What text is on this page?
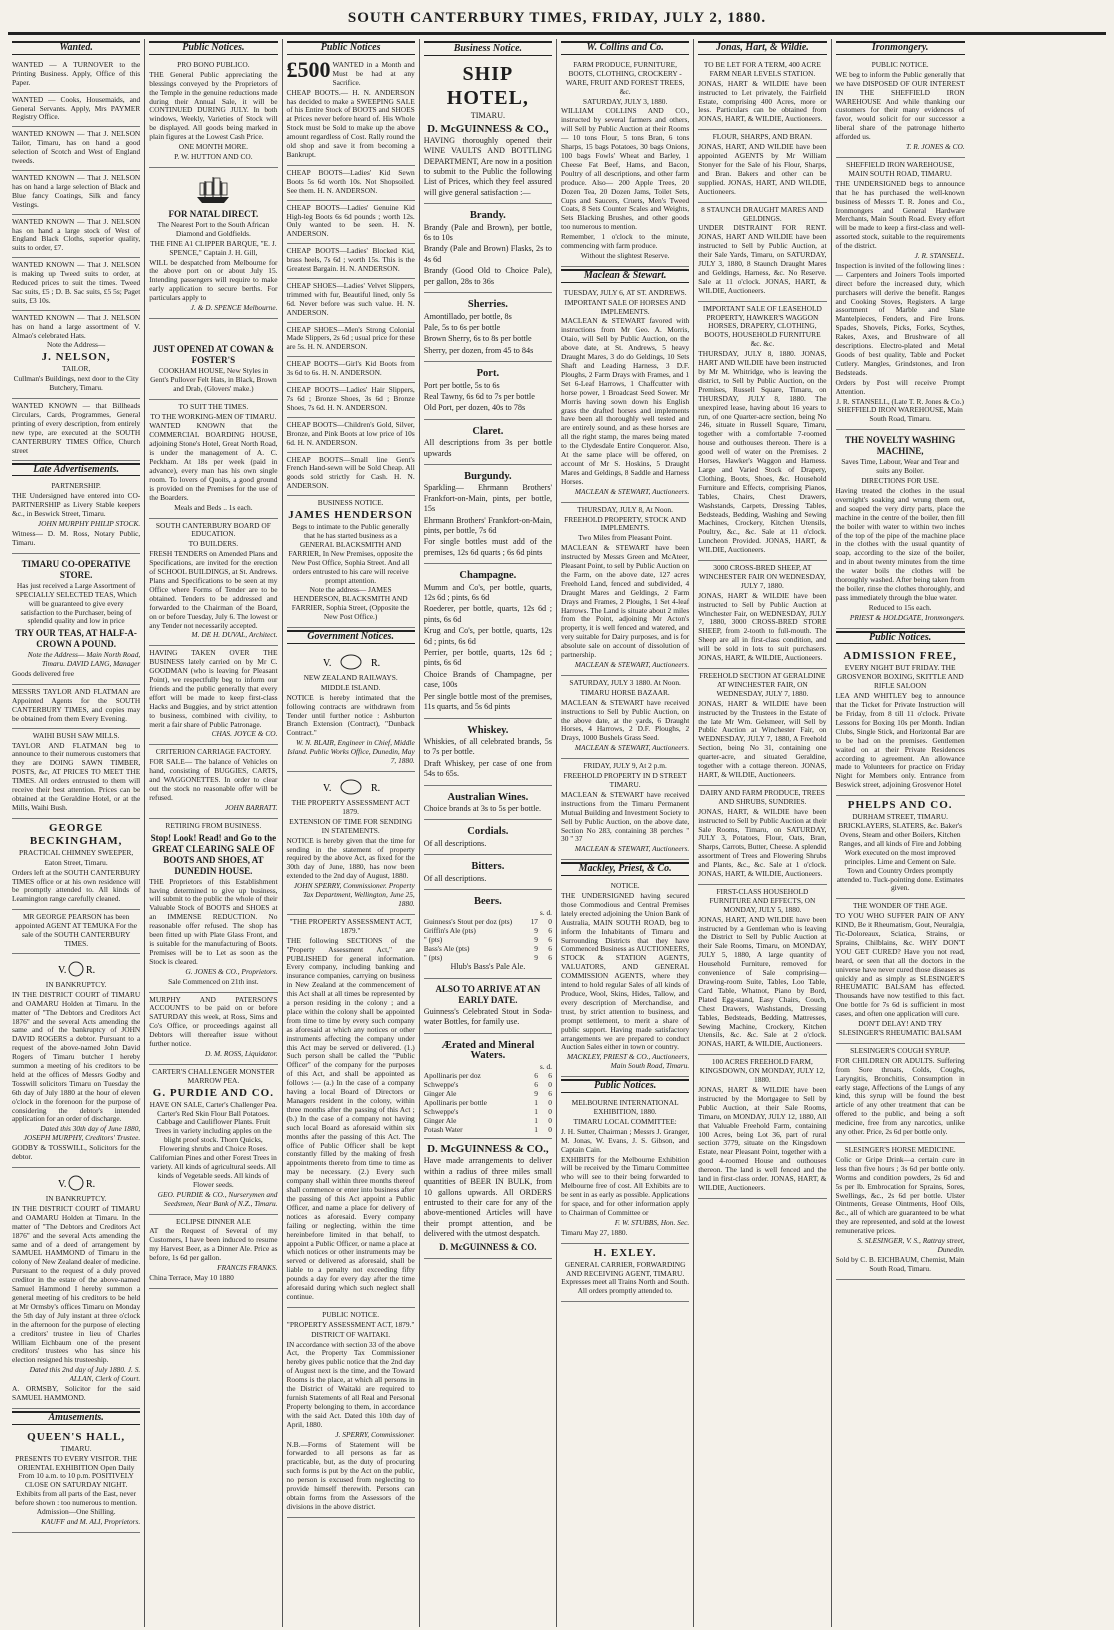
SOUTH CANTERBURY TIMES, FRIDAY, JULY 2, 1880.
Wanted.
WANTED — A TURNOVER to the Printing Business. Apply, Office of this Paper.
WANTED — Cooks, Housemaids, and General Servants. Apply, Mrs PAYMER Registry Office.
WANTED KNOWN — That J. NELSON Tailor, Timaru, has on hand a good selection of Scotch and West of England tweeds.
WANTED KNOWN — That J. NELSON has on hand a large selection of Black and Blue fancy Coatings, Silk and fancy Vestings.
WANTED KNOWN — That J. NELSON has on hand a large stock of West of England Black Cloths, superior quality, suits to order, £7.
WANTED KNOWN — That J. NELSON is making up Tweed suits to order, at Reduced prices to suit the times. Tweed Sac suits, £5 ; D. B. Sac suits, £5 5s; Paget suits, £3 10s.

WANTED KNOWN — That J. NELSON has on hand a large assortment of V. Almao's celebrated Hats.

Note the Address—

J. NELSON,

TAILOR,

Cullman's Buildings, next door to the City Butchery, Timaru.

WANTED KNOWN — that Billheads Circulars, Cards, Programmes, General printing of every description, from entirely new type, are executed at the SOUTH CANTERBURY TIMES Office, Church street
Late Advertisements.

PARTNERSHIP.

THE Undersigned have entered into CO-PARTNERSHIP as Livery Stable keepers &c., in Beswick Street, Timaru.

JOHN MURPHY PHILIP STOCK.

Witness— D. M. Ross, Notary Public, Timaru.

TIMARU CO-OPERATIVE STORE.

Has just received a Large Assortment of SPECIALLY SELECTED TEAS, Which will be guaranteed to give every satisfaction to the Purchaser, being of splendid quality and low in price

TRY OUR TEAS, AT HALF-A-CROWN A POUND.

Note the Address— Main North Road, Timaru. DAVID LANG, Manager

Goods delivered free

MESSRS TAYLOR AND FLATMAN are Appointed Agents for the SOUTH CANTERBURY TIMES, and copies may be obtained from them Every Evening.

WAIHI BUSH SAW MILLS.

TAYLOR AND FLATMAN beg to announce to their numerous customers that they are DOING SAWN TIMBER, POSTS, &c, AT PRICES TO MEET THE TIMES. All orders entrusted to them will receive their best attention. Prices can be obtained at the Geraldine Hotel, or at the Mills, Waihi Bush.

GEORGE BECKINGHAM,

PRACTICAL CHIMNEY SWEEPER,

Eaton Street, Timaru.

Orders left at the SOUTH CANTERBURY TIMES office or at his own residence will be promptly attended to. All kinds of Leamington range carefully cleaned.

MR GEORGE PEARSON has been appointed AGENT AT TEMUKA For the sale of the SOUTH CANTERBURY TIMES.
V. R.

IN BANKRUPTCY.

IN THE DISTRICT COURT of TIMARU and OAMARU Holden at Timaru. In the matter of "The Debtors and Creditors Act 1876" and the several Acts amending the same and of the bankruptcy of JOHN DAVID ROGERS a debtor. Pursuant to a request of the above-named John David Rogers of Timaru butcher I hereby summon a meeting of his creditors to be held at the offices of Messrs Godby and Tosswill solicitors Timaru on Tuesday the 6th day of July 1880 at the hour of eleven o'clock in the forenoon for the purpose of considering the debtor's intended application for an order of discharge.

Dated this 30th day of June 1880, JOSEPH MURPHY, Creditors' Trustee.

GODBY & TOSSWILL, Solicitors for the debtor.

V. R.

IN BANKRUPTCY.

IN THE DISTRICT COURT of TIMARU and OAMARU Holden at Timaru. In the matter of "The Debtors and Creditors Act 1876" and the several Acts amending the same and of a deed of arrangement by SAMUEL HAMMOND of Timaru in the colony of New Zealand dealer of medicine. Pursuant to the request of a duly proved creditor in the estate of the above-named Samuel Hammond I hereby summon a general meeting of his creditors to be held at Mr Ormsby's offices Timaru on Monday the 5th day of July instant at three o'clock in the afternoon for the purpose of electing a creditors' trustee in lieu of Charles William Eichbaum one of the present creditors' trustees who has since his election resigned his trusteeship.

Dated this 2nd day of July 1880. J. S. ALLAN, Clerk of Court.

A. ORMSBY, Solicitor for the said SAMUEL HAMMOND.

Amusements.

QUEEN'S HALL,

TIMARU.

PRESENTS TO EVERY VISITOR. THE ORIENTAL EXHIBITION Open Daily From 10 a.m. to 10 p.m. POSITIVELY CLOSE ON SATURDAY NIGHT. Exhibits from all parts of the East, never before shown : too numerous to mention. Admission—One Shilling.

KAUFF and M. ALI, Proprietors.

Public Notices.

PRO BONO PUBLICO.

THE General Public appreciating the blessings conveyed by the Proprietors of the Temple in the genuine reductions made during their Annual Sale, it will be CONTINUED DURING JULY. In both windows, Weekly, Varieties of Stock will be displayed. All goods being marked in plain figures at the Lowest Cash Price.

ONE MONTH MORE.

P. W. HUTTON AND CO.

FOR NATAL DIRECT.

The Nearest Port to the South African Diamond and Goldfields.

THE FINE A1 CLIPPER BARQUE, "E. J. SPENCE," Captain J. H. Gill,

WILL be despatched from Melbourne for the above port on or about July 15. Intending passengers will require to make early application to secure berths. For particulars apply to

J. & D. SPENCE Melbourne.

JUST OPENED AT COWAN & FOSTER'S

COOKHAM HOUSE, New Styles in Gent's Pullover Felt Hats, in Black, Brown and Drab, (Glovers' make.)

TO SUIT THE TIMES.

TO THE WORKING-MEN OF TIMARU.

WANTED KNOWN that the COMMERCIAL BOARDING HOUSE, adjoining Stone's Hotel, Great North Road, is under the management of A. C. Peckham. At 18s per week (paid in advance), every man has his own single room. To lovers of Quoits, a good ground is provided on the Premises for the use of the Boarders.

Meals and Beds .. 1s each.

SOUTH CANTERBURY BOARD OF EDUCATION.

TO BUILDERS.

FRESH TENDERS on Amended Plans and Specifications, are invited for the erection of SCHOOL BUILDINGS, at St. Andrews. Plans and Specifications to be seen at my Office where Forms of Tender are to be obtained. Tenders to be addressed and forwarded to the Chairman of the Board, on or before Tuesday, July 6. The lowest or any Tender not necessarily accepted.

M. DE H. DUVAL, Architect.

HAVING TAKEN OVER THE BUSINESS lately carried on by Mr C. GOODMAN (who is leaving for Pleasant Point), we respectfully beg to inform our friends and the public generally that every effort will be made to keep first-class Hacks and Buggies, and by strict attention to business, combined with civility, to merit a fair share of Public Patronage.

CHAS. JOYCE & CO.

CRITERION CARRIAGE FACTORY.

FOR SALE— The balance of Vehicles on hand, consisting of BUGGIES, CARTS, and WAGGONETTES. In order to clear out the stock no reasonable offer will be refused.

JOHN BARRATT.

RETIRING FROM BUSINESS.

Stop! Look! Read! and Go to the GREAT CLEARING SALE OF BOOTS AND SHOES, AT DUNEDIN HOUSE.

THE Proprietors of this Establishment having determined to give up business, will submit to the public the whole of their Valuable Stock of BOOTS and SHOES at an IMMENSE REDUCTION. No reasonable offer refused. The shop has been fitted up with Plate Glass Front, and is suitable for the manufacturing of Boots. Premises will be to Let as soon as the Stock is cleared.

G. JONES & CO., Proprietors.

Sale Commenced on 21th inst.

MURPHY AND PATERSON'S ACCOUNTS to be paid on or before SATURDAY this week, at Ross, Sims and Co's Office, or proceedings against all Debtors will thereafter issue without further notice.

D. M. ROSS, Liquidator.

CARTER'S CHALLENGER MONSTER MARROW PEA.

G. PURDIE AND CO.

HAVE ON SALE, Carter's Challenger Pea. Carter's Red Skin Flour Ball Potatoes. Cabbage and Cauliflower Plants. Fruit Trees in variety including apples on the blight proof stock. Thorn Quicks, Flowering shrubs and Choice Roses. Californian Pines and other Forest Trees in variety. All kinds of agricultural seeds. All kinds of Vegetable seeds. All kinds of Flower seeds.

GEO. PURDIE & CO., Nurserymen and Seedsmen, Near Bank of N.Z., Timaru.

ECLIPSE DINNER ALE

AT the Request of Several of my Customers, I have been induced to resume my Harvest Beer, as a Dinner Ale. Price as before, 1s 6d per gallon.

FRANCIS FRANKS.

China Terrace, May 10 1880

Public Notices

£500 WANTED in a Month and Must be had at any Sacrifice.

CHEAP BOOTS.— H. N. ANDERSON has decided to make a SWEEPING SALE of his Entire Stock of BOOTS and SHOES at Prices never before heard of. His Whole Stock must be Sold to make up the above amount regardless of Cost. Rally round the old shop and save it from becoming a Bankrupt.

CHEAP BOOTS—Ladies' Kid Sewn Boots 5s 6d worth 10s. Not Shopsoiled. See them. H. N. ANDERSON.
CHEAP BOOTS—Ladies' Genuine Kid High-leg Boots 6s 6d pounds ; worth 12s. Only wanted to be seen. H. N. ANDERSON.
CHEAP BOOTS—Ladies' Blocked Kid, brass heels, 7s 6d ; worth 15s. This is the Greatest Bargain. H. N. ANDERSON.
CHEAP SHOES—Ladies' Velvet Slippers, trimmed with fur, Beautiful lined, only 5s 6d. Never before was such value. H. N. ANDERSON.
CHEAP SHOES—Men's Strong Colonial Made Slippers, 2s 6d ; usual price for these are 5s. H. N. ANDERSON.
CHEAP BOOTS—Girl's Kid Boots from 3s 6d to 6s. H. N. ANDERSON.
CHEAP BOOTS—Ladies' Hair Slippers, 7s 6d ; Bronze Shoes, 3s 6d ; Bronze Shoes, 7s 6d. H. N. ANDERSON.
CHEAP BOOTS—Children's Gold, Silver, Bronze, and Pink Boots at low price of 10s 6d. H. N. ANDERSON.
CHEAP BOOTS—Small line Gent's French Hand-sewn will be Sold Cheap. All goods sold strictly for Cash. H. N. ANDERSON.

BUSINESS NOTICE.

JAMES HENDERSON

Begs to intimate to the Public generally that he has started business as a GENERAL BLACKSMITH AND FARRIER, In New Premises, opposite the New Post Office, Sophia Street. And all orders entrusted to his care will receive prompt attention.

Note the address— JAMES HENDERSON, BLACKSMITH AND FARRIER, Sophia Street, (Opposite the New Post Office.)

Government Notices.
V.	R.

NEW ZEALAND RAILWAYS.

MIDDLE ISLAND.

NOTICE is hereby intimated that the following contracts are withdrawn from Tender until further notice : Ashburton Branch Extension (Contract), "Dunback Contract."

W. N. BLAIR, Engineer in Chief, Middle Island. Public Works Office, Dunedin, May 7, 1880.

V.	R.

THE PROPERTY ASSESSMENT ACT 1879.

EXTENSION OF TIME FOR SENDING IN STATEMENTS.

NOTICE is hereby given that the time for sending in the statement of property required by the above Act, as fixed for the 30th day of June, 1880, has now been extended to the 2nd day of August, 1880.

JOHN SPERRY, Commissioner. Property Tax Department, Wellington, June 25, 1880.

"THE PROPERTY ASSESSMENT ACT, 1879."

THE following SECTIONS of the "Property Assessment Act," are PUBLISHED for general information. Every company, including banking and insurance companies, carrying on business in New Zealand at the commencement of this Act shall at all times be represented by a person residing in the colony ; and a place within the colony shall be appointed from time to time by every such company as aforesaid at which any notices or other instruments affecting the company under this Act may be served or delivered. (1.) Such person shall be called the "Public Officer" of the company for the purposes of this Act, and shall be appointed as follows :— (a.) In the case of a company having a local Board of Directors or Managers resident in the colony, within three months after the passing of this Act ; (b.) In the case of a company not having such local Board as aforesaid within six months after the passing of this Act. The office of Public Officer shall be kept constantly filled by the making of fresh appointments thereto from time to time as may be necessary. (2.) Every such company shall within three months thereof shall commence or enter into business after the passing of this Act appoint a Public Officer, and name a place for delivery of notices as aforesaid. Every company failing or neglecting, within the time hereinbefore limited in that behalf, to appoint a Public Officer, or name a place at which notices or other instruments may be served or delivered as aforesaid, shall be liable to a penalty not exceeding fifty pounds a day for every day after the time aforesaid during which such neglect shall continue.

PUBLIC NOTICE.

"PROPERTY ASSESSMENT ACT, 1879."

DISTRICT OF WAITAKI.

IN accordance with section 33 of the above Act, the Property Tax Commissioner hereby gives public notice that the 2nd day of August next is the time, and the Toward Rooms is the place, at which all persons in the District of Waitaki are required to furnish Statements of all Real and Personal Property belonging to them, in accordance with the said Act. Dated this 10th day of April, 1880.

J. SPERRY, Commissioner.

N.B.—Forms of Statement will be forwarded to all persons as far as practicable, but, as the duty of procuring such forms is put by the Act on the public, no person is excused from neglecting to provide himself therewith. Persons can obtain forms from the Assessors of the divisions in the above district.

Business Notice.

SHIP HOTEL,

TIMARU.

D. McGUINNESS & CO.,

HAVING thoroughly opened their WINE VAULTS AND BOTTLING DEPARTMENT, Are now in a position to submit to the Public the following List of Prices, which they feel assured will give general satisfaction :—

Brandy.

Brandy (Pale and Brown), per bottle, 6s to 10s

Brandy (Pale and Brown) Flasks, 2s to 4s 6d

Brandy (Good Old to Choice Pale), per gallon, 28s to 36s

Sherries.

Amontillado, per bottle, 8s

Pale, 5s to 6s per bottle

Brown Sherry, 6s to 8s per bottle

Sherry, per dozen, from 45 to 84s

Port.

Port per bottle, 5s to 6s

Real Tawny, 6s 6d to 7s per bottle

Old Port, per dozen, 40s to 78s

Claret.

All descriptions from 3s per bottle upwards

Burgundy.

Sparkling— Ehrmann Brothers' Frankfort-on-Main, pints, per bottle, 15s

Ehrmann Brothers' Frankfort-on-Main, pints, per bottle, 7s 6d

For single bottles must add of the premises, 12s 6d quarts ; 6s 6d pints

Champagne.

Mumm and Co's, per bottle, quarts, 12s 6d ; pints, 6s 6d

Roederer, per bottle, quarts, 12s 6d ; pints, 6s 6d

Krug and Co's, per bottle, quarts, 12s 6d ; pints, 6s 6d

Perrier, per bottle, quarts, 12s 6d ; pints, 6s 6d

Choice Brands of Champagne, per case, 100s

Per single bottle most of the premises, 11s quarts, and 5s 6d pints

Whiskey.

Whiskies, of all celebrated brands, 5s to 7s per bottle.

Draft Whiskey, per case of one from 54s to 65s.

Australian Wines.

Choice brands at 3s to 5s per bottle.

Cordials.

Of all descriptions.

Bitters.

Of all descriptions.

Beers.

	s. d.	
Guinness's Stout per doz (pts)	17	0
Griffin's Ale (pts)	9	6
" (pts)	9	6
Bass's Ale (pts)	9	6
" (pts)	9	6

Hlub's Bass's Pale Ale.

ALSO TO ARRIVE AT AN EARLY DATE.

Guinness's Celebrated Stout in Soda-water Bottles, for family use.

Ærated and Mineral Waters.

	s. d.	
Apollinaris per doz	6	6
Schweppe's	6	0
Ginger Ale	9	6
Apollinaris per bottle	1	0
Schweppe's	1	0
Ginger Ale	1	0
Potash Water	1	0

D. McGUINNESS & CO.,

Have made arrangements to deliver within a radius of three miles small quantities of BEER IN BULK, from 10 gallons upwards. All ORDERS entrusted to their care for any of the above-mentioned Articles will have their prompt attention, and be delivered with the utmost despatch.

D. McGUINNESS & CO.

W. Collins and Co.

FARM PRODUCE, FURNITURE, BOOTS, CLOTHING, CROCKERY - WARE, FRUIT AND FOREST TREES, &c.

SATURDAY, JULY 3, 1880.

WILLIAM COLLINS AND CO., instructed by several farmers and others, will Sell by Public Auction at their Rooms— 10 tons Flour, 5 tons Bran, 6 tons Sharps, 15 bags Potatoes, 30 bags Onions, 100 bags Fowls' Wheat and Barley, 1 Cheese Fat Beef, Hams, and Bacon, Poultry of all descriptions, and other farm produce. Also— 200 Apple Trees, 20 Dozen Tea, 20 Dozen Jams, Toilet Sets, Cups and Saucers, Cruets, Men's Tweed Coats, 8 Sets Counter Scales and Weights, Sets Blacking Brushes, and other goods too numerous to mention.

Remember, 1 o'clock to the minute, commencing with farm produce.

Without the slightest Reserve.

Maclean & Stewart.

TUESDAY, JULY 6, AT ST. ANDREWS.

IMPORTANT SALE OF HORSES AND IMPLEMENTS.

MACLEAN & STEWART favored with instructions from Mr Geo. A. Morris, Otaio, will Sell by Public Auction, on the above date, at St. Andrews, 5 heavy Draught Mares, 3 do do Geldings, 10 Sets Shaft and Leading Harness, 3 D.F. Ploughs, 2 Farm Drays with Frames, and 1 Set 6-Leaf Harrows, 1 Chaffcutter with horse power, 1 Broadcast Seed Sower. Mr Morris having sown down his English grass the drafted horses and implements have been all thoroughly well tested and are entirely sound, and as these horses are all the right stamp, the mares being mated to the Clydesdale Entire Conqueror. Also, At the same place will be offered, on account of Mr S. Hoskins, 5 Draught Mares and Geldings, 8 Saddle and Harness Horses.

MACLEAN & STEWART, Auctioneers.

THURSDAY, JULY 8, At Noon.

FREEHOLD PROPERTY, STOCK AND IMPLEMENTS.

Two Miles from Pleasant Point.

MACLEAN & STEWART have been instructed by Messrs Green and McAteer, Pleasant Point, to sell by Public Auction on the Farm, on the above date, 127 acres Freehold Land, fenced and subdivided, 4 Draught Mares and Geldings, 2 Farm Drays and Frames, 2 Ploughs, 1 Set 4-leaf Harrows. The Land is situate about 2 miles from the Point, adjoining Mr Acton's property, it is well fenced and watered, and very suitable for Dairy purposes, and is for absolute sale on account of dissolution of partnership.

MACLEAN & STEWART, Auctioneers.

SATURDAY, JULY 3 1880. At Noon.

TIMARU HORSE BAZAAR.

MACLEAN & STEWART have received instructions to Sell by Public Auction, on the above date, at the yards, 6 Draught Horses, 4 Harrows, 2 D.F. Ploughs, 2 Drays, 1000 Bushels Grass Seed.

MACLEAN & STEWART, Auctioneers.

FRIDAY, JULY 9, At 2 p.m.

FREEHOLD PROPERTY IN D STREET TIMARU.

MACLEAN & STEWART have received instructions from the Timaru Permanent Mutual Building and Investment Society to Sell by Public Auction, on the above date, Section No 283, containing 38 perches " 30 " 37

MACLEAN & STEWART, Auctioneers.

Mackley, Priest, & Co.

NOTICE.

THE UNDERSIGNED having secured those Commodious and Central Premises lately erected adjoining the Union Bank of Australia, MAIN SOUTH ROAD, beg to inform the Inhabitants of Timaru and Surrounding Districts that they have Commenced Business as AUCTIONEERS, STOCK & STATION AGENTS, VALUATORS, AND GENERAL COMMISSION AGENTS, where they intend to hold regular Sales of all kinds of Produce, Wool, Skins, Hides, Tallow, and every description of Merchandise, and trust, by strict attention to business, and prompt settlement, to merit a share of public support. Having made satisfactory arrangements we are prepared to conduct Auction Sales either in town or country.

MACKLEY, PRIEST & CO., Auctioneers, Main South Road, Timaru.

Public Notices.

MELBOURNE INTERNATIONAL EXHIBITION, 1880.

TIMARU LOCAL COMMITTEE:

J. H. Sutter, Chairman ; Messrs J. Granger, M. Jonas, W. Evans, J. S. Gibson, and Captain Cain.

EXHIBITS for the Melbourne Exhibition will be received by the Timaru Committee who will see to their being forwarded to Melbourne free of cost. All Exhibits are to be sent in as early as possible. Applications for space, and for other information apply to Chairman of Committee or

F. W. STUBBS, Hon. Sec.

Timaru May 27, 1880.

H. EXLEY.

GENERAL CARRIER, FORWARDING AND RECEIVING AGENT, TIMARU. Expresses meet all Trains North and South. All orders promptly attended to.

Jonas, Hart, & Wildie.

TO BE LET FOR A TERM, 400 ACRE FARM NEAR LEVELS STATION.

JONAS, HART & WILDIE have been instructed to Let privately, the Fairfield Estate, comprising 400 Acres, more or less. Particulars can be obtained from JONAS, HART, & WILDIE, Auctioneers.

FLOUR, SHARPS, AND BRAN.

JONAS, HART, AND WILDIE have been appointed AGENTS by Mr William Stonyer for the Sale of his Flour, Sharps, and Bran. Bakers and other can be supplied. JONAS, HART, AND WILDIE, Auctioneers.

8 STAUNCH DRAUGHT MARES AND GELDINGS.

UNDER DISTRAINT FOR RENT. JONAS, HART AND WILDIE have been instructed to Sell by Public Auction, at their Sale Yards, Timaru, on SATURDAY, JULY 3, 1880, 8 Staunch Draught Mares and Geldings, Harness, &c. No Reserve. Sale at 11 o'clock. JONAS, HART, & WILDIE, Auctioneers.

IMPORTANT SALE OF LEASEHOLD PROPERTY, HAWKER'S WAGGON HORSES, DRAPERY, CLOTHING, BOOTS, HOUSEHOLD FURNITURE &c. &c.

THURSDAY, JULY 8, 1880. JONAS, HART AND WILDIE have been instructed by Mr M. Whitridge, who is leaving the district, to Sell by Public Auction, on the Premises, Russell Square, Timaru, on THURSDAY, JULY 8, 1880. The unexpired lease, having about 16 years to run, of one Quarter-acre section, being No 246, situate in Russell Square, Timaru, together with a comfortable 7-roomed house and outhouses thereon. There is a good well of water on the Premises. 2 Horses, Hawker's Waggon and Harness. Large and Varied Stock of Drapery, Clothing, Boots, Shoes, &c. Household Furniture and Effects, comprising Pianos, Tables, Chairs, Chest Drawers, Washstands, Carpets, Dressing Tables, Bedsteads, Bedding, Washing and Sewing Machines, Crockery, Kitchen Utensils, Poultry, &c., &c. Sale at 11 o'clock. Luncheon Provided. JONAS, HART, & WILDIE, Auctioneers.

3000 CROSS-BRED SHEEP, AT WINCHESTER FAIR ON WEDNESDAY, JULY 7, 1880.

JONAS, HART & WILDIE have been instructed to Sell by Public Auction at Winchester Fair, on WEDNESDAY, JULY 7, 1880, 3000 CROSS-BRED STORE SHEEP, from 2-tooth to full-mouth. The Sheep are all in first-class condition, and will be sold in lots to suit purchasers. JONAS, HART, & WILDIE, Auctioneers.

FREEHOLD SECTION AT GERALDINE AT WINCHESTER FAIR, ON WEDNESDAY, JULY 7, 1880.

JONAS, HART & WILDIE have been instructed by the Trustees in the Estate of the late Mr Wm. Gelsmeer, will Sell by Public Auction at Winchester Fair, on WEDNESDAY, JULY 7, 1880, A Freehold Section, being No 31, containing one quarter-acre, and situated Geraldine, together with a cottage thereon. JONAS, HART, & WILDIE, Auctioneers.

DAIRY AND FARM PRODUCE, TREES AND SHRUBS, SUNDRIES.

JONAS, HART, & WILDIE have been instructed to Sell by Public Auction at their Sale Rooms, Timaru, on SATURDAY, JULY 3, Potatoes, Flour, Oats, Bran, Sharps, Carrots, Butter, Cheese. A splendid assortment of Trees and Flowering Shrubs and Plants, &c., &c. Sale at 1 o'clock. JONAS, HART, & WILDIE, Auctioneers.

FIRST-CLASS HOUSEHOLD FURNITURE AND EFFECTS, ON MONDAY, JULY 5, 1880.

JONAS, HART, AND WILDIE have been instructed by a Gentleman who is leaving the District to Sell by Public Auction at their Sale Rooms, Timaru, on MONDAY, JULY 5, 1880, A large quantity of Household Furniture, removed for convenience of Sale comprising—Drawing-room Suite, Tables, Loo Table, Card Table, Whatnot, Piano by Bord, Plated Egg-stand, Easy Chairs, Couch, Chest Drawers, Washstands, Dressing Tables, Bedsteads, Bedding, Mattresses, Sewing Machine, Crockery, Kitchen Utensils, &c. &c. Sale at 2 o'clock. JONAS, HART, & WILDIE, Auctioneers.

100 ACRES FREEHOLD FARM, KINGSDOWN, ON MONDAY, JULY 12, 1880.

JONAS, HART & WILDIE have been instructed by the Mortgagee to Sell by Public Auction, at their Sale Rooms, Timaru, on MONDAY, JULY 12, 1880, All that Valuable Freehold Farm, containing 100 Acres, being Lot 36, part of rural section 3779, situate on the Kingsdown Estate, near Pleasant Point, together with a good 4-roomed House and outhouses thereon. The land is well fenced and the land in first-class order. JONAS, HART, & WILDIE, Auctioneers.

Ironmongery.

PUBLIC NOTICE.

WE beg to inform the Public generally that we have DISPOSED OF OUR INTEREST IN THE SHEFFIELD IRON WAREHOUSE And while thanking our customers for their many evidences of favor, would solicit for our successor a liberal share of the patronage hitherto afforded us.

T. R. JONES & CO.

SHEFFIELD IRON WAREHOUSE, MAIN SOUTH ROAD, TIMARU.

THE UNDERSIGNED begs to announce that he has purchased the well-known business of Messrs T. R. Jones and Co., Ironmongers and General Hardware Merchants, Main South Road. Every effort will be made to keep a first-class and well-assorted stock, suitable to the requirements of the district.

J. R. STANSELL.

Inspection is invited of the following lines :— Carpenters and Joiners Tools imported direct before the increased duty, which purchasers will derive the benefit. Ranges and Cooking Stoves, Registers. A large assortment of Marble and Slate Mantelpieces, Fenders, and Fire Irons. Spades, Shovels, Picks, Forks, Scythes, Rakes, Axes, and Brushware of all descriptions. Electro-plated and Metal Goods of best quality, Table and Pocket Cutlery. Mangles, Grindstones, and Iron Bedsteads.

Orders by Post will receive Prompt Attention.

J. R. STANSELL, (Late T. R. Jones & Co.) SHEFFIELD IRON WAREHOUSE, Main South Road, Timaru.

THE NOVELTY WASHING MACHINE,

Saves Time, Labour, Wear and Tear and suits any Boiler.

DIRECTIONS FOR USE.

Having treated the clothes in the usual overnight's soaking and wrung them out, and soaped the very dirty parts, place the machine in the centre of the boiler, then fill the boiler with water to within two inches of the top of the pipe of the machine place in the clothes with the usual quantity of soap, according to the size of the boiler, and in about twenty minutes from the time the water boils the clothes will be thoroughly washed. After being taken from the boiler, rinse the clothes thoroughly, and pass immediately through the blue water.

Reduced to 15s each.

PRIEST & HOLDGATE, Ironmongers.

Public Notices.

ADMISSION FREE,

EVERY NIGHT BUT FRIDAY. THE GROSVENOR BOXING, SKITTLE AND RIFLE SALOON

LEA AND WHITLEY beg to announce that the Ticket for Private Instruction will be Friday, from 8 till 11 o'clock. Private Lessons for Boxing 10s per Month. Indian Clubs, Single Stick, and Horizontal Bar are to be had on the premises. Gentlemen waited on at their Private Residences according to agreement. An allowance made to Volunteers for practice on Friday Night for Members only. Entrance from Beswick street, adjoining Grosvenor Hotel

PHELPS AND CO.

DURHAM STREET, TIMARU. BRICKLAYERS, SLATERS, &c. Baker's Ovens, Steam and other Boilers, Kitchen Ranges, and all kinds of Fire and Jobbing Work executed on the most improved principles. Lime and Cement on Sale. Town and Country Orders promptly attended to. Tuck-pointing done. Estimates given.

THE WONDER OF THE AGE.

TO YOU WHO SUFFER PAIN OF ANY KIND, Be it Rheumatism, Gout, Neuralgia, Tic-Doloreaux, Sciatica, Strains, or Sprains, Chilblains, &c. WHY DON'T YOU GET CURED? Have you not read, heard, or seen that all the doctors in the universe have never cured those diseases as quickly and as simply as SLESINGER'S RHEUMATIC BALSAM has effected. Thousands have now testified to this fact. One bottle for 7s 6d is sufficient in most cases, and often one application will cure.

DON'T DELAY! AND TRY SLESINGER'S RHEUMATIC BALSAM

SLESINGER'S COUGH SYRUP.

FOR CHILDREN OR ADULTS. Suffering from Sore throats, Colds, Coughs, Laryngitis, Bronchitis, Consumption in early stage, Affections of the Lungs of any kind, this syrup will be found the best article of any other treatment that can be offered to the public, and being a soft medicine, free from any narcotics, unlike any other. Price, 2s 6d per bottle only.

SLESINGER'S HORSE MEDICINE.

Colic or Gripe Drink—a certain cure in less than five hours ; 3s 6d per bottle only. Worms and condition powders, 2s 6d and 5s per lb. Embrocation for Sprains, Sores, Swellings, &c., 2s 6d per bottle. Ulster Ointments, Grease Ointments, Hoof Oils, &c., all of which are guaranteed to be what they are represented, and sold at the lowest remunerative prices.

S. SLESINGER, V. S., Rattray street, Dunedin.

Sold by C. B. EICHBAUM, Chemist, Main South Road, Timaru.
